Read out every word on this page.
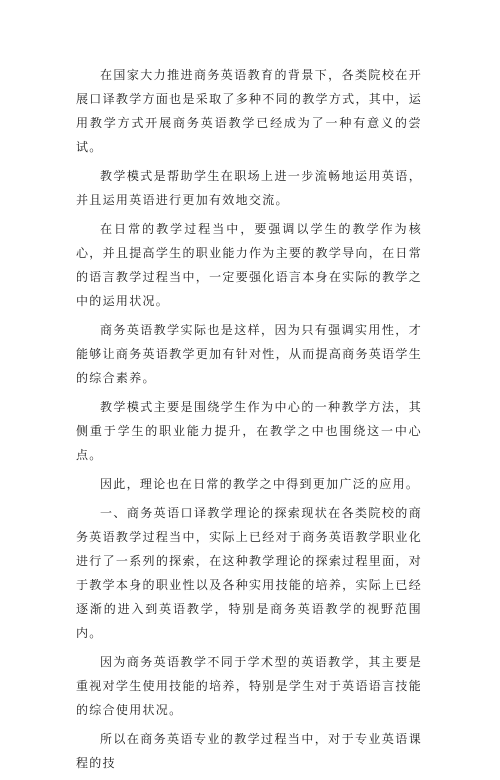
在国家大力推进商务英语教育的背景下，各类院校在开展口译教学方面也是采取了多种不同的教学方式，其中，运用教学方式开展商务英语教学已经成为了一种有意义的尝试。

教学模式是帮助学生在职场上进一步流畅地运用英语，并且运用英语进行更加有效地交流。

在日常的教学过程当中，要强调以学生的教学作为核心，并且提高学生的职业能力作为主要的教学导向，在日常的语言教学过程当中，一定要强化语言本身在实际的教学之中的运用状况。

商务英语教学实际也是这样，因为只有强调实用性，才能够让商务英语教学更加有针对性，从而提高商务英语学生的综合素养。

教学模式主要是围绕学生作为中心的一种教学方法，其侧重于学生的职业能力提升，在教学之中也围绕这一中心点。

因此，理论也在日常的教学之中得到更加广泛的应用。

一、商务英语口译教学理论的探索现状在各类院校的商务英语教学过程当中，实际上已经对于商务英语教学职业化进行了一系列的探索，在这种教学理论的探索过程里面，对于教学本身的职业性以及各种实用技能的培养，实际上已经逐渐的进入到英语教学，特别是商务英语教学的视野范围内。

因为商务英语教学不同于学术型的英语教学，其主要是重视对学生使用技能的培养，特别是学生对于英语语言技能的综合使用状况。

所以在商务英语专业的教学过程当中，对于专业英语课程的技
